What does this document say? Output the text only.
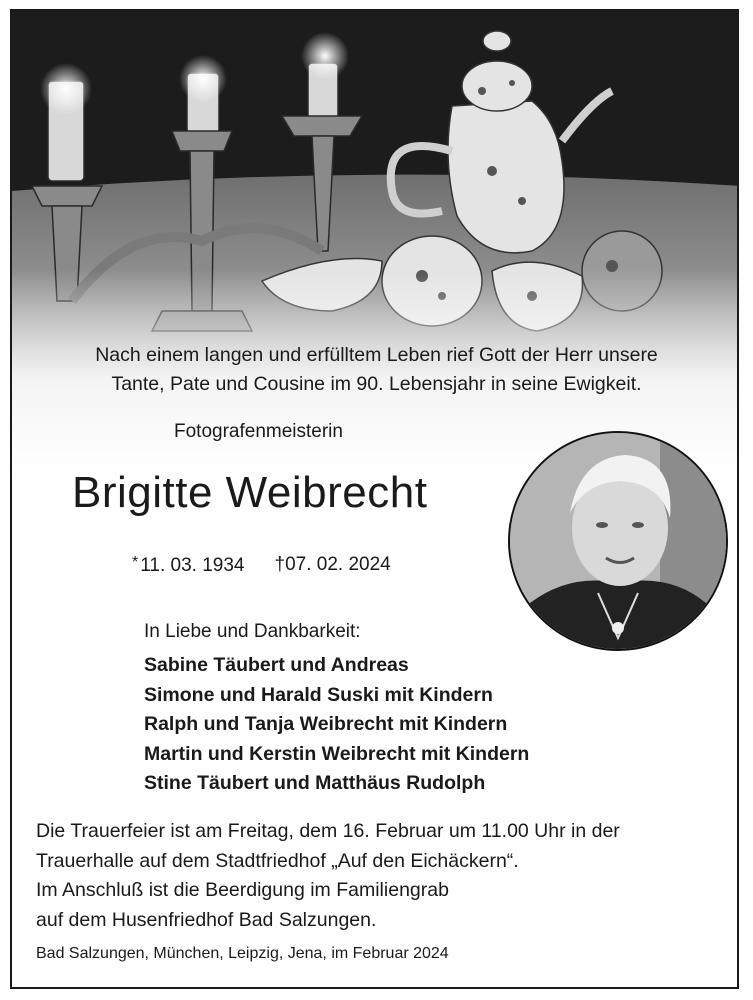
Nach einem langen und erfülltem Leben rief Gott der Herr unsere
Tante, Pate und Cousine im 90. Lebensjahr in seine Ewigkeit.
Fotografenmeisterin
Brigitte Weibrecht
* 11. 03. 1934 †07. 02. 2024
In Liebe und Dankbarkeit:
Sabine Täubert und Andreas
Simone und Harald Suski mit Kindern
Ralph und Tanja Weibrecht mit Kindern
Martin und Kerstin Weibrecht mit Kindern
Stine Täubert und Matthäus Rudolph
Die Trauerfeier ist am Freitag, dem 16. Februar um 11.00 Uhr in der
Trauerhalle auf dem Stadtfriedhof „Auf den Eichäckern“.
Im Anschluß ist die Beerdigung im Familiengrab
auf dem Husenfriedhof Bad Salzungen.
Bad Salzungen, München, Leipzig, Jena, im Februar 2024
